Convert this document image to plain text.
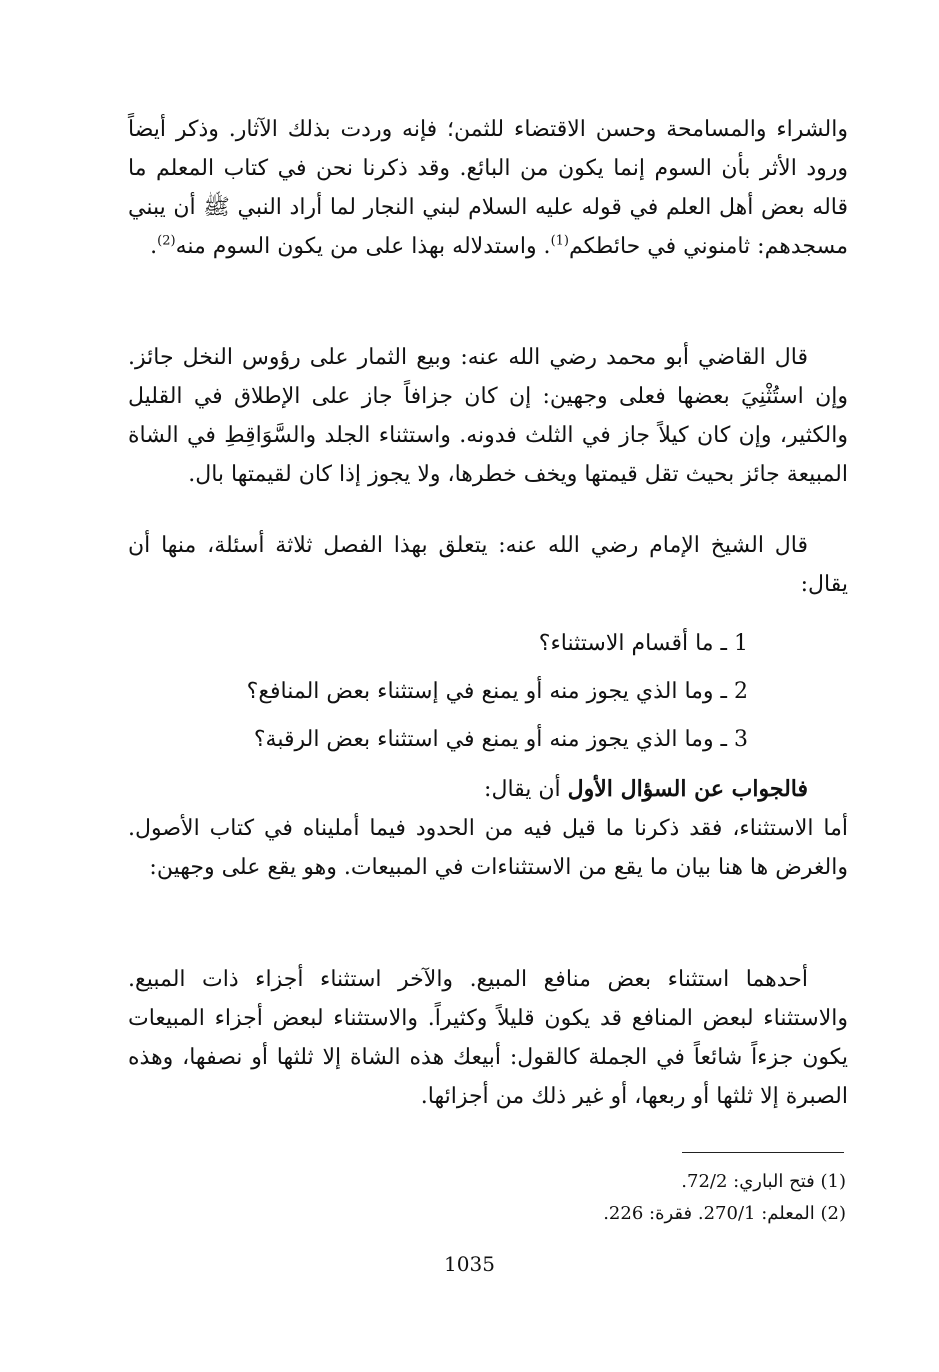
والشراء والمسامحة وحسن الاقتضاء للثمن؛ فإنه وردت بذلك الآثار. وذكر أيضاً ورود الأثر بأن السوم إنما يكون من البائع. وقد ذكرنا نحن في كتاب المعلم ما قاله بعض أهل العلم في قوله عليه السلام لبني النجار لما أراد النبي ﷺ أن يبني مسجدهم: ثامنوني في حائطكم$^{(1)}$. واستدلاله بهذا على من يكون السوم منه$^{(2)}$.

قال القاضي أبو محمد رضي الله عنه: وبيع الثمار على رؤوس النخل جائز. وإن استُثْنِيَ بعضها فعلى وجهين: إن كان جزافاً جاز على الإطلاق في القليل والكثير، وإن كان كيلاً جاز في الثلث فدونه. واستثناء الجلد والسَّوَاقِطِ في الشاة المبيعة جائز بحيث تقل قيمتها ويخف خطرها، ولا يجوز إذا كان لقيمتها بال.

قال الشيخ الإمام رضي الله عنه: يتعلق بهذا الفصل ثلاثة أسئلة، منها أن يقال:

1 ـ ما أقسام الاستثناء؟

2 ـ وما الذي يجوز منه أو يمنع في إستثناء بعض المنافع؟

3 ـ وما الذي يجوز منه أو يمنع في استثناء بعض الرقبة؟

فالجواب عن السؤال الأول أن يقال:

أما الاستثناء، فقد ذكرنا ما قيل فيه من الحدود فيما أمليناه في كتاب الأصول. والغرض ها هنا بيان ما يقع من الاستثناءات في المبيعات. وهو يقع على وجهين:

أحدهما استثناء بعض منافع المبيع. والآخر استثناء أجزاء ذات المبيع. والاستثناء لبعض المنافع قد يكون قليلاً وكثيراً. والاستثناء لبعض أجزاء المبيعات يكون جزءاً شائعاً في الجملة كالقول: أبيعك هذه الشاة إلا ثلثها أو نصفها، وهذه الصبرة إلا ثلثها أو ربعها، أو غير ذلك من أجزائها.

(1) فتح الباري: 72/2.
(2) المعلم: 270/1. فقرة: 226.
1035
